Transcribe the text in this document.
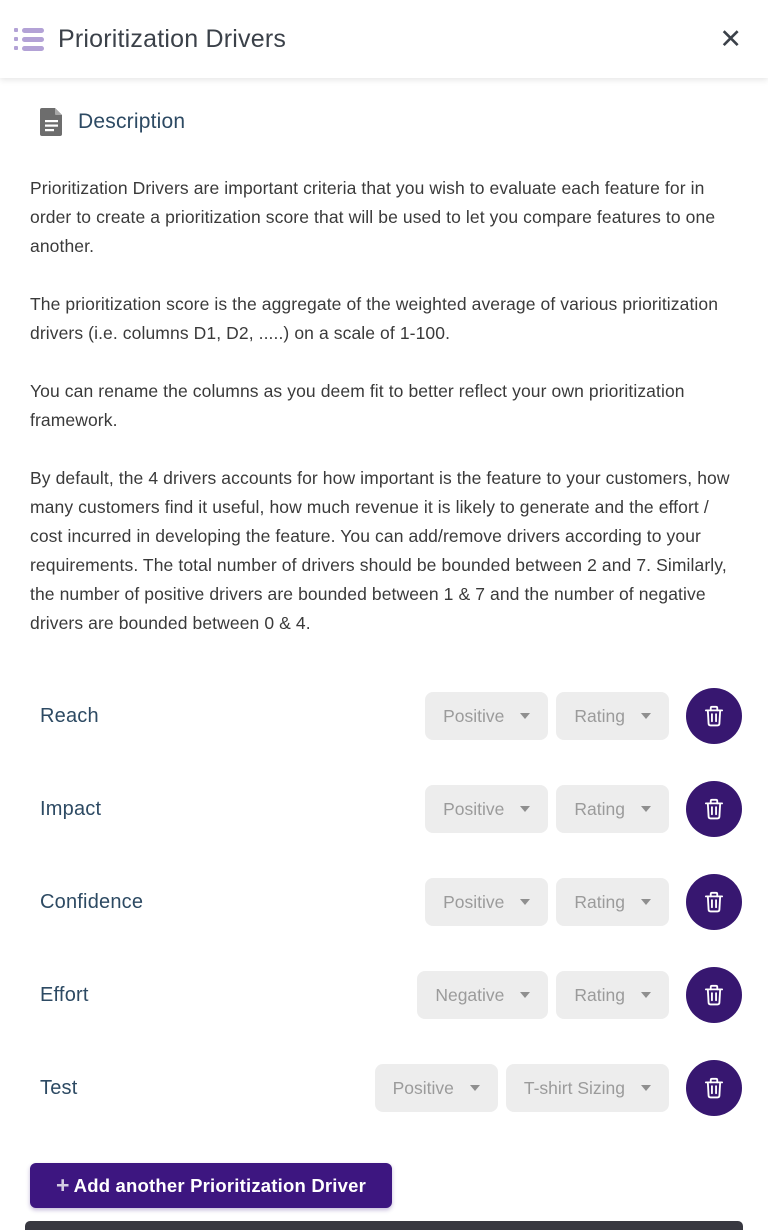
Prioritization Drivers	✕
Description

Prioritization Drivers are important criteria that you wish to evaluate each feature for in order to create a prioritization score that will be used to let you compare features to one another.

The prioritization score is the aggregate of the weighted average of various prioritization drivers (i.e. columns D1, D2, .....) on a scale of 1-100.

You can rename the columns as you deem fit to better reflect your own prioritization framework.

By default, the 4 drivers accounts for how important is the feature to your customers, how many customers find it useful, how much revenue it is likely to generate and the effort / cost incurred in developing the feature. You can add/remove drivers according to your requirements. The total number of drivers should be bounded between 2 and 7. Similarly, the number of positive drivers are bounded between 1 & 7 and the number of negative drivers are bounded between 0 & 4.

Reach	Positive	Rating
Impact	Positive	Rating
Confidence	Positive	Rating
Effort	Negative	Rating
Test	Positive	T-shirt Sizing
+ Add another Prioritization Driver
